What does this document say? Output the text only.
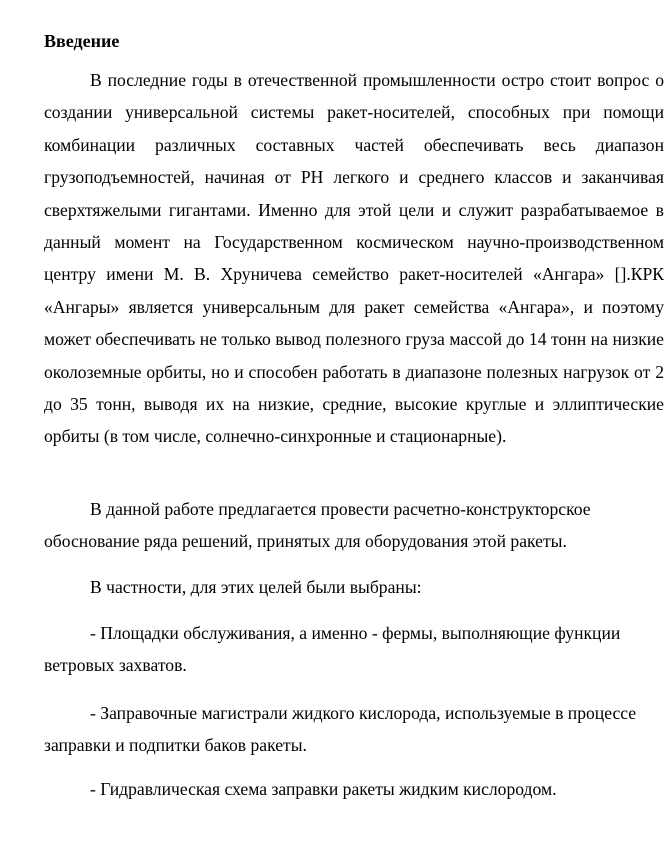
Введение

В последние годы в отечественной промышленности остро стоит вопрос о создании универсальной системы ракет-носителей, способных при помощи комбинации различных составных частей обеспечивать весь диапазон грузоподъемностей, начиная от РН легкого и среднего классов и заканчивая сверхтяжелыми гигантами. Именно для этой цели и служит разрабатываемое в данный момент на Государственном космическом научно-производственном центру имени М. В. Хруничева семейство ракет-носителей «Ангара» [].КРК «Ангары» является универсальным для ракет семейства «Ангара», и поэтому может обеспечивать не только вывод полезного груза массой до 14 тонн на низкие околоземные орбиты, но и способен работать в диапазоне полезных нагрузок от 2 до 35 тонн, выводя их на низкие, средние, высокие круглые и эллиптические орбиты (в том числе, солнечно-синхронные и стационарные).

В данной работе предлагается провести расчетно-конструкторское обоснование ряда решений, принятых для оборудования этой ракеты.

В частности, для этих целей были выбраны:

- Площадки обслуживания, а именно - фермы, выполняющие функции ветровых захватов.

- Заправочные магистрали жидкого кислорода, используемые в процессе заправки и подпитки баков ракеты.

- Гидравлическая схема заправки ракеты жидким кислородом.
